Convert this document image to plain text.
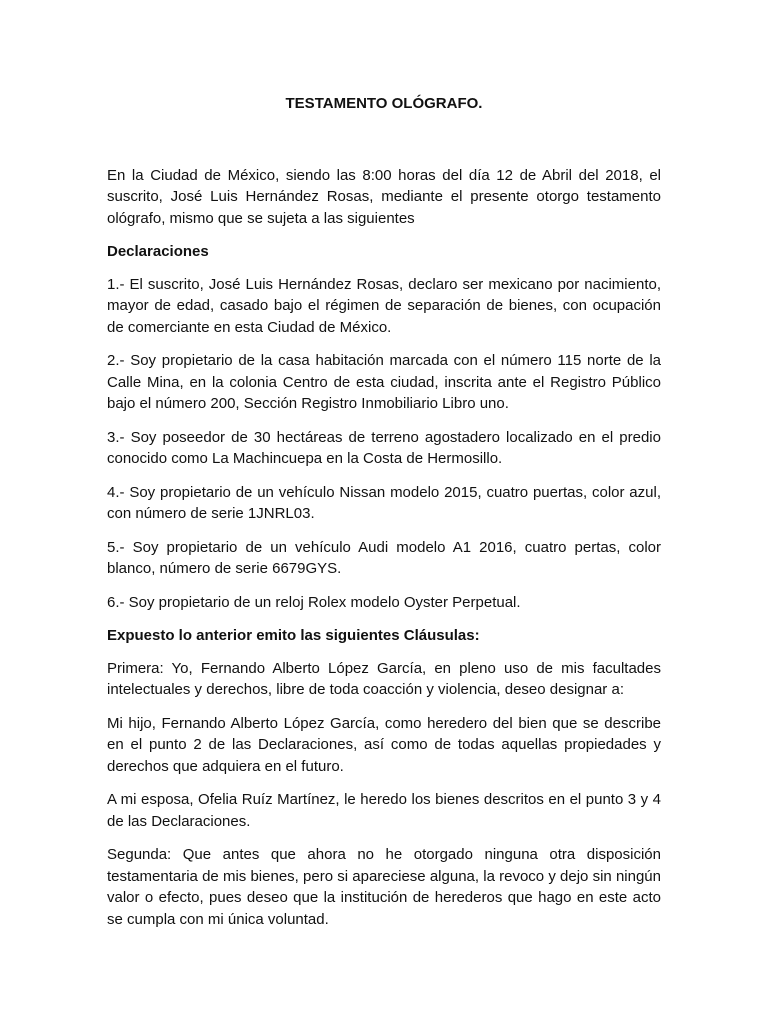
TESTAMENTO OLÓGRAFO.

En la Ciudad de México, siendo las 8:00 horas del día 12 de Abril del 2018, el suscrito, José Luis Hernández Rosas, mediante el presente otorgo testamento ológrafo, mismo que se sujeta a las siguientes

Declaraciones

1.- El suscrito, José Luis Hernández Rosas, declaro ser mexicano por nacimiento, mayor de edad, casado bajo el régimen de separación de bienes, con ocupación de comerciante en esta Ciudad de México.

2.- Soy propietario de la casa habitación marcada con el número 115 norte de la Calle Mina, en la colonia Centro de esta ciudad, inscrita ante el Registro Público bajo el número 200, Sección Registro Inmobiliario Libro uno.

3.- Soy poseedor de 30 hectáreas de terreno agostadero localizado en el predio conocido como La Machincuepa en la Costa de Hermosillo.

4.- Soy propietario de un vehículo Nissan modelo 2015, cuatro puertas, color azul, con número de serie 1JNRL03.

5.- Soy propietario de un vehículo Audi modelo A1 2016, cuatro pertas, color blanco, número de serie 6679GYS.

6.- Soy propietario de un reloj Rolex modelo Oyster Perpetual.

Expuesto lo anterior emito las siguientes Cláusulas:

Primera: Yo, Fernando Alberto López García, en pleno uso de mis facultades intelectuales y derechos, libre de toda coacción y violencia, deseo designar a:

Mi hijo, Fernando Alberto López García, como heredero del bien que se describe en el punto 2 de las Declaraciones, así como de todas aquellas propiedades y derechos que adquiera en el futuro.

A mi esposa, Ofelia Ruíz Martínez, le heredo los bienes descritos en el punto 3 y 4 de las Declaraciones.

Segunda: Que antes que ahora no he otorgado ninguna otra disposición testamentaria de mis bienes, pero si apareciese alguna, la revoco y dejo sin ningún valor o efecto, pues deseo que la institución de herederos que hago en este acto se cumpla con mi única voluntad.
